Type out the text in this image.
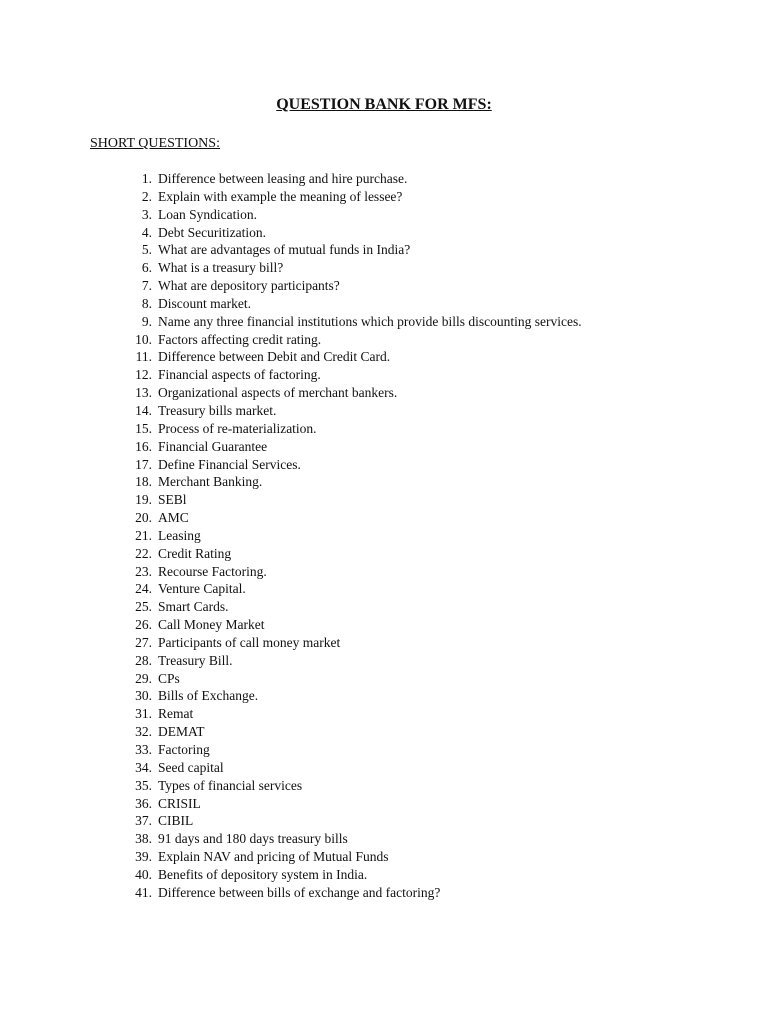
QUESTION BANK FOR MFS:
SHORT QUESTIONS:
1. Difference between leasing and hire purchase.
2. Explain with example the meaning of lessee?
3. Loan Syndication.
4. Debt Securitization.
5. What are advantages of mutual funds in India?
6. What is a treasury bill?
7. What are depository participants?
8. Discount market.
9. Name any three financial institutions which provide bills discounting services.
10. Factors affecting credit rating.
11. Difference between Debit and Credit Card.
12. Financial aspects of factoring.
13. Organizational aspects of merchant bankers.
14. Treasury bills market.
15. Process of re-materialization.
16. Financial Guarantee
17. Define Financial Services.
18. Merchant Banking.
19. SEBl
20. AMC
21. Leasing
22. Credit Rating
23. Recourse Factoring.
24. Venture Capital.
25. Smart Cards.
26. Call Money Market
27. Participants of call money market
28. Treasury Bill.
29. CPs
30. Bills of Exchange.
31. Remat
32. DEMAT
33. Factoring
34. Seed capital
35. Types of financial services
36. CRISIL
37. CIBIL
38. 91 days and 180 days treasury bills
39. Explain NAV and pricing of Mutual Funds
40. Benefits of depository system in India.
41. Difference between bills of exchange and factoring?
